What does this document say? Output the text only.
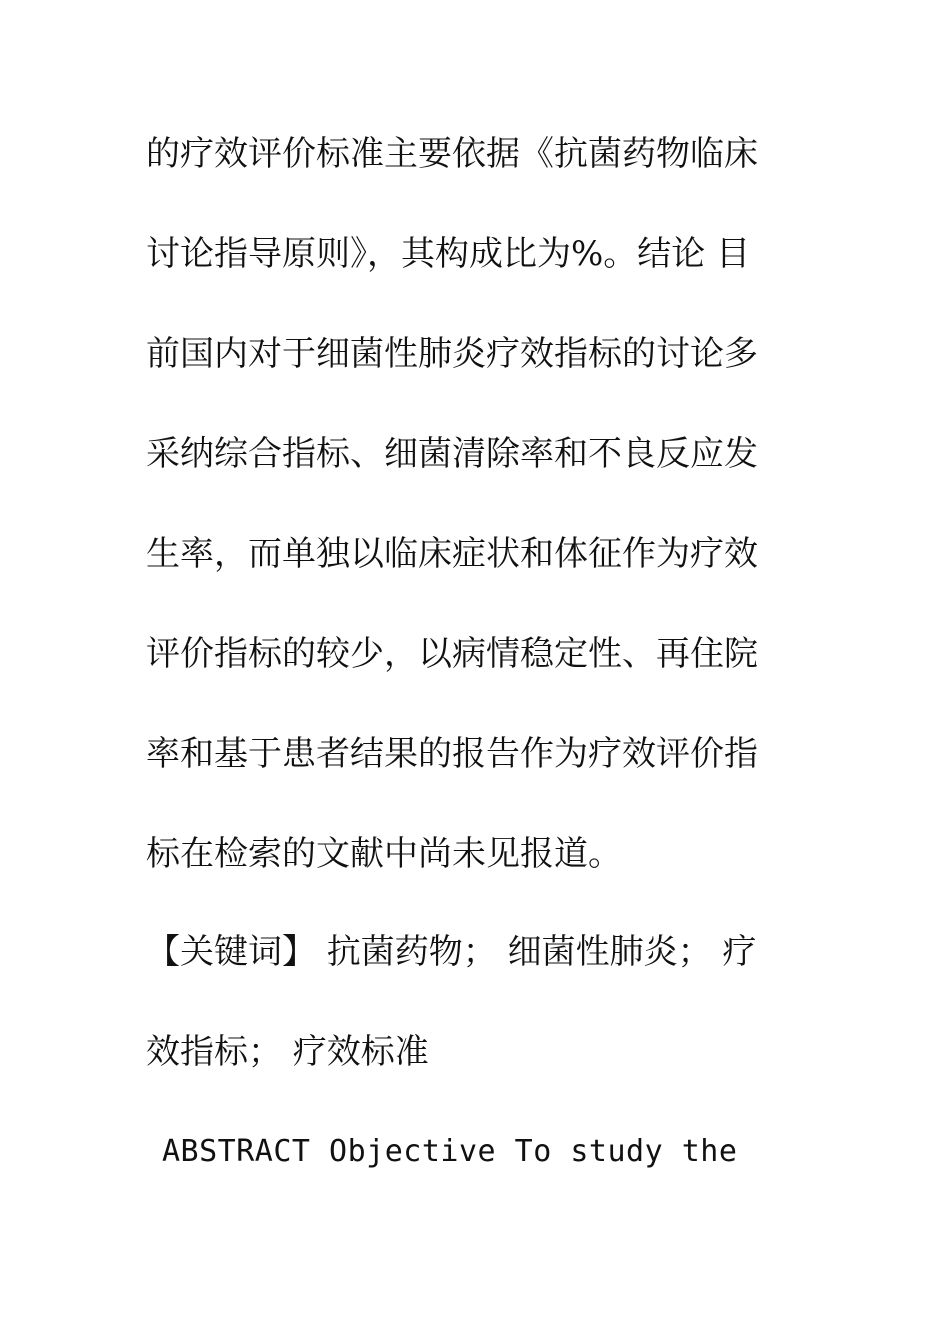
的疗效评价标准主要依据《抗菌药物临床

讨论指导原则》，其构成比为%。结论 目

前国内对于细菌性肺炎疗效指标的讨论多

采纳综合指标、细菌清除率和不良反应发

生率，而单独以临床症状和体征作为疗效

评价指标的较少，以病情稳定性、再住院

率和基于患者结果的报告作为疗效评价指

标在检索的文献中尚未见报道。

【关键词】 抗菌药物； 细菌性肺炎； 疗

效指标； 疗效标准

ABSTRACT Objective To study the
